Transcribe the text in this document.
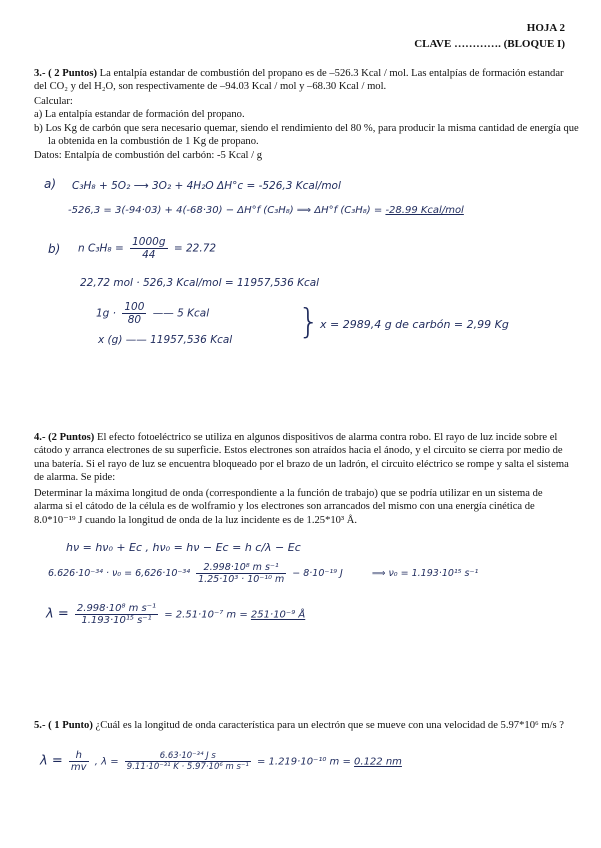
HOJA 2
CLAVE …………. (BLOQUE I)
3.- ( 2 Puntos) La entalpía estandar de combustión del propano es de –526.3 Kcal / mol. Las entalpías de formación estandar del CO₂ y del H₂O, son respectivamente de –94.03 Kcal / mol y –68.30 Kcal / mol.
Calcular:
a) La entalpía estandar de formación del propano.
b) Los Kg de carbón que sera necesario quemar, siendo el rendimiento del 80 %, para producir la misma cantidad de energía que la obtenida en la combustión de 1 Kg de propano.
Datos: Entalpía de combustión del carbón: -5 Kcal / g
a) C₃H₈ + 5O₂ ⟶ 3O₂ + 4H₂O ΔH°c = -526,3 Kcal/mol
-526,3 = 3(-94·03) + 4(-68·30) − ΔH°f (C₃H₈) ⟹ ΔH°f (C₃H₈) = -28.99 Kcal/mol
b) n $C_3H_8 = \frac{1000g}{44} = 22.72$
22,72 mol · 526,3 Kcal/mol = 11957,536 Kcal
$1g \cdot \frac{100}{80}$ —— 5 Kcal
x (g) —— 11957,536 Kcal } x = 2989,4 g de carbón = 2,99 Kg
4.- (2 Puntos) El efecto fotoeléctrico se utiliza en algunos dispositivos de alarma contra robo. El rayo de luz incide sobre el cátodo y arranca electrones de su superficie. Estos electrones son atraídos hacia el ánodo, y el circuito se cierra por medio de una batería. Si el rayo de luz se encuentra bloqueado por el brazo de un ladrón, el circuito eléctrico se rompe y salta el sistema de alarma. Se pide:
Determinar la máxima longitud de onda (correspondiente a la función de trabajo) que se podría utilizar en un sistema de alarma si el cátodo de la célula es de wolframio y los electrones son arrancados del mismo con una energía cinética de 8.0*10⁻¹⁹ J cuando la longitud de onda de la luz incidente es de 1.25*10³ Å.
hν = hν₀ + Ec , hν₀ = hν − Ec = h c/λ − Ec
$6.626\cdot 10^{-34} \cdot \nu_0 = 6,626\cdot 10^{-34} \frac{\text{2.998·10⁸ m s⁻¹}}{\text{1.25·10³ · 10⁻¹⁰ m}} - 8\cdot 10^{-19}$ J	⟹ ν₀ = 1.193·10¹⁵ s⁻¹
$\lambda = \frac{\text{2.998·10⁸ m s⁻¹}}{\text{1.193·10¹⁵ s⁻¹}} = 2.51\cdot 10^{-7}$ m = 251·10⁻⁹ Å
5.- ( 1 Punto) ¿Cuál es la longitud de onda característica para un electrón que se mueve con una velocidad de 5.97*10⁶ m/s ?
$\lambda = \frac{h}{mv}$ , $\lambda = \frac{\text{6.63·10⁻³⁴ J s}}{\text{9.11·10⁻³¹ K · 5.97·10⁶ m s⁻¹}} = 1.219\cdot 10^{-10}$ m = 0.122 nm
